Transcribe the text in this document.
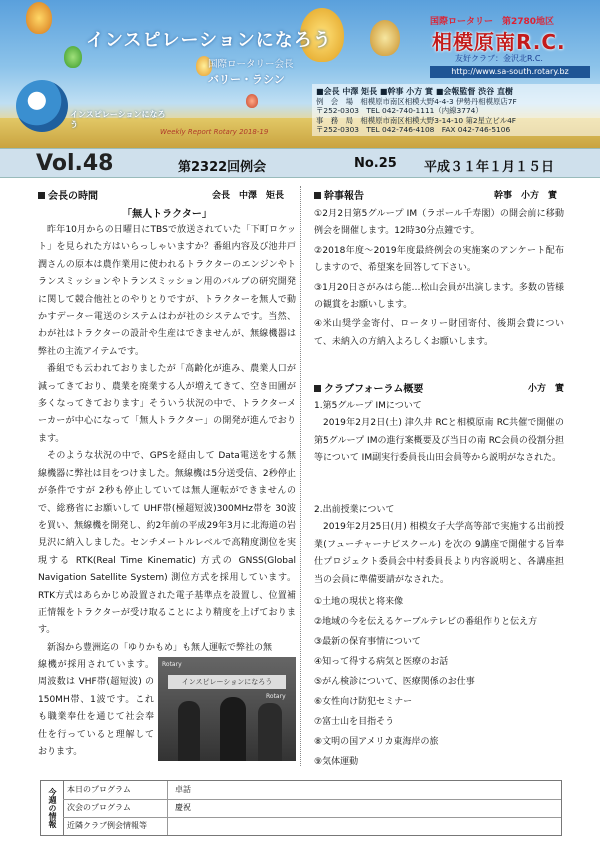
インスピレーションになろう
国際ロータリー会長
バリー・ラシン
インスピレーションになろう
Weekly Report Rotary 2018-19
国際ロータリー　第2780地区
相模原南R.C.
友好クラブ：金沢北R.C.
http://www.sa-south.rotary.bz
■会長 中澤 矩長 ■幹事 小方 實 ■会報監督 渋谷 直樹
例　会　場　相模原市南区相模大野4-4-3 伊勢丹相模原店7F
〒252-0303　TEL 042-740-1111（内線3774）
事　務　局　相模原市南区相模大野3-14-10 第2星立ビル4F
〒252-0303　TEL 042-746-4108　FAX 042-746-5106
Vol.48	第2322回例会	No.25 平成３１年１月１５日
会長の時間	会長　中澤　矩長
「無人トラクター」

昨年10月からの日曜日にTBSで放送されていた「下町ロケット」を見られた方はいらっしゃいますか？番組内容及び池井戸潤さんの原本は農作業用に使われるトラクターのエンジンやトランスミッションやトランスミッション用のバルブの研究開発に関して競合他社とのやりとりですが、トラクターを無人で動かすデーター電送のシステムはわが社のシステムです。当然、わが社はトラクターの設計や生産はできませんが、無線機器は弊社の主流アイテムです。

番組でも云われておりましたが「高齢化が進み、農業人口が減ってきており、農業を廃業する人が増えてきて、空き田圃が多くなってきております」そういう状況の中で、トラクターメーカーが中心になって「無人トラクター」の開発が進んでおります。

そのような状況の中で、GPSを経由して Data電送をする無線機器に弊社は目をつけました。無線機は5分送受信、2秒停止が条件ですが 2秒も停止していては無人運転ができませんので、総務省にお願いして UHF帯(極超短波)300MHz帯を 30波を買い、無線機を開発し、約2年前の平成29年3月に北海道の岩見沢に納入しました。センチメートルレベルで高精度測位を実現する RTK(Real Time Kinematic) 方式の GNSS(Global Navigation Satellite System) 測位方式を採用しています。RTK方式はあらかじめ設置された電子基準点を設置し、位置補正情報をトラクターが受け取ることにより精度を上げております。

新潟から豊洲迄の「ゆりかもめ」も無人運転で弊社の無

線機が採用されています。周波数は VHF帯(超短波) の 150MH帯、1波です。これも職業奉仕を通じて社会奉仕を行っていると理解しております。

インスピレーションになろう
Rotary
Rotary
幹事報告	幹事　小方　實
①2月2日第5グループ IM（ラポール千寿閣）の開会前に移動例会を開催します。12時30分点鐘です。
②2018年度～2019年度最終例会の実施案のアンケート配布しますので、希望案を回答して下さい。
③1月20日さがみはら能…松山会員が出演します。多数の皆様の観賞をお願いします。
④米山奨学金寄付、ロータリー財団寄付、後期会費について、未納入の方納入よろしくお願いします。
クラブフォーラム概要	小方　實
1.第5グループ IMについて

2019年2月2日(土) 津久井 RCと相模原南 RC共催で開催の第5グループ IMの進行案概要及び当日の南 RC会員の役割分担等について IM副実行委員長山田会員等から説明がなされた。

2.出前授業について

2019年2月25日(月) 相模女子大学高等部で実施する出前授業(フューチャーナビスクール) を次の 9講座で開催する旨奉仕プロジェクト委員会中村委員長より内容説明と、各講座担当の会員に準備要請がなされた。

①土地の現状と将来像
②地域の今を伝えるケーブルテレビの番組作りと伝え方
③最新の保育事情について
④知って得する病気と医療のお話
⑤がん検診について、医療関係のお仕事
⑥女性向け防犯セミナー
⑦富士山を目指そう
⑧文明の国アメリカ東海岸の旅
⑨気体運動
今週の情報	本日のプログラム	卓話
次会のプログラム	慶祝
近隣クラブ例会情報等
